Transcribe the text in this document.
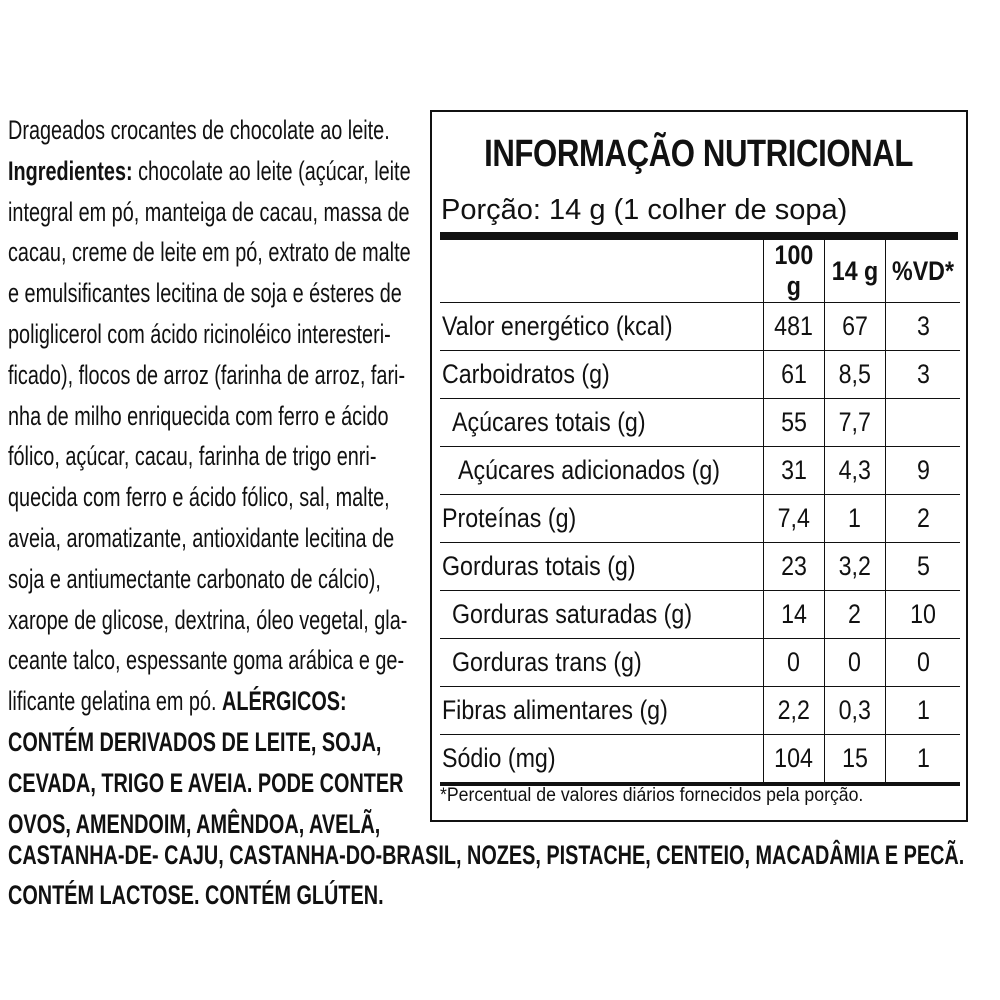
Drageados crocantes de chocolate ao leite.
Ingredientes: chocolate ao leite (açúcar, leite
integral em pó, manteiga de cacau, massa de
cacau, creme de leite em pó, extrato de malte
e emulsificantes lecitina de soja e ésteres de
poliglicerol com ácido ricinoléico interesteri-
ficado), flocos de arroz (farinha de arroz, fari-
nha de milho enriquecida com ferro e ácido
fólico, açúcar, cacau, farinha de trigo enri-
quecida com ferro e ácido fólico, sal, malte,
aveia, aromatizante, antioxidante lecitina de
soja e antiumectante carbonato de cálcio),
xarope de glicose, dextrina, óleo vegetal, gla-
ceante talco, espessante goma arábica e ge-
lificante gelatina em pó. ALÉRGICOS:
CONTÉM DERIVADOS DE LEITE, SOJA,
CEVADA, TRIGO E AVEIA. PODE CONTER
OVOS, AMENDOIM, AMÊNDOA, AVELÃ,
CASTANHA-DE- CAJU, CASTANHA-DO-BRASIL, NOZES, PISTACHE, CENTEIO, MACADÂMIA E PECÃ.
CONTÉM LACTOSE. CONTÉM GLÚTEN.
INFORMAÇÃO NUTRICIONAL
Porção: 14 g (1 colher de sopa)
	100 g	14 g	%VD*
Valor energético (kcal)	481	67	3
Carboidratos (g)	61	8,5	3
Açúcares totais (g)	55	7,7	
Açúcares adicionados (g)	31	4,3	9
Proteínas (g)	7,4	1	2
Gorduras totais (g)	23	3,2	5
Gorduras saturadas (g)	14	2	10
Gorduras trans (g)	0	0	0
Fibras alimentares (g)	2,2	0,3	1
Sódio (mg)	104	15	1
*Percentual de valores diários fornecidos pela porção.
